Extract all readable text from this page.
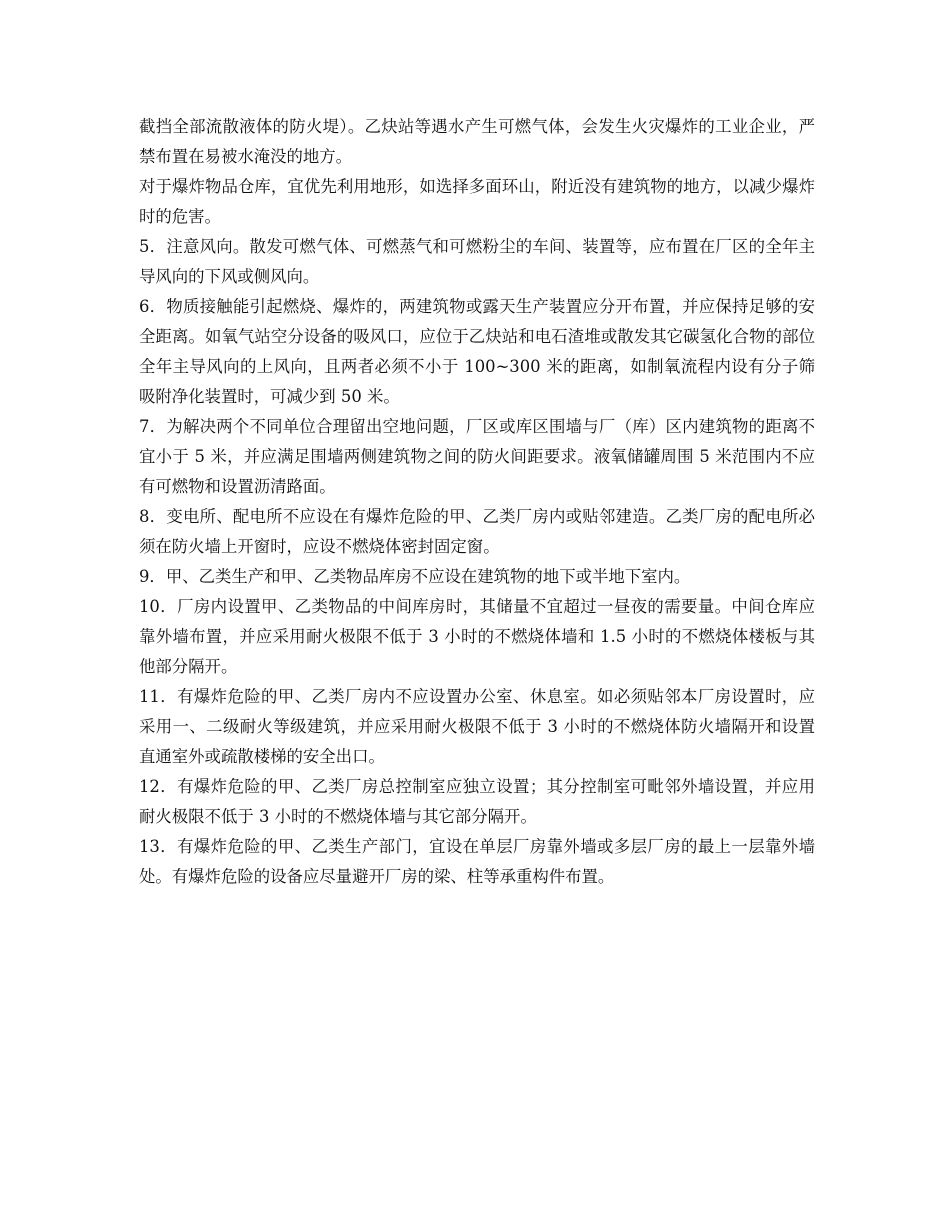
截挡全部流散液体的防火堤）。乙炔站等遇水产生可燃气体，会发生火灾爆炸的工业企业，严禁布置在易被水淹没的地方。

对于爆炸物品仓库，宜优先利用地形，如选择多面环山，附近没有建筑物的地方，以减少爆炸时的危害。

5．注意风向。散发可燃气体、可燃蒸气和可燃粉尘的车间、装置等，应布置在厂区的全年主导风向的下风或侧风向。

6．物质接触能引起燃烧、爆炸的，两建筑物或露天生产装置应分开布置，并应保持足够的安全距离。如氧气站空分设备的吸风口，应位于乙炔站和电石渣堆或散发其它碳氢化合物的部位全年主导风向的上风向，且两者必须不小于 100~300 米的距离，如制氧流程内设有分子筛吸附净化装置时，可减少到 50 米。

7．为解决两个不同单位合理留出空地问题，厂区或库区围墙与厂（库）区内建筑物的距离不宜小于 5 米，并应满足围墙两侧建筑物之间的防火间距要求。液氧储罐周围 5 米范围内不应有可燃物和设置沥清路面。

8．变电所、配电所不应设在有爆炸危险的甲、乙类厂房内或贴邻建造。乙类厂房的配电所必须在防火墙上开窗时，应设不燃烧体密封固定窗。

9．甲、乙类生产和甲、乙类物品库房不应设在建筑物的地下或半地下室内。

10．厂房内设置甲、乙类物品的中间库房时，其储量不宜超过一昼夜的需要量。中间仓库应靠外墙布置，并应采用耐火极限不低于 3 小时的不燃烧体墙和 1.5 小时的不燃烧体楼板与其他部分隔开。

11．有爆炸危险的甲、乙类厂房内不应设置办公室、休息室。如必须贴邻本厂房设置时，应采用一、二级耐火等级建筑，并应采用耐火极限不低于 3 小时的不燃烧体防火墙隔开和设置直通室外或疏散楼梯的安全出口。

12．有爆炸危险的甲、乙类厂房总控制室应独立设置；其分控制室可毗邻外墙设置，并应用耐火极限不低于 3 小时的不燃烧体墙与其它部分隔开。

13．有爆炸危险的甲、乙类生产部门，宜设在单层厂房靠外墙或多层厂房的最上一层靠外墙处。有爆炸危险的设备应尽量避开厂房的梁、柱等承重构件布置。
